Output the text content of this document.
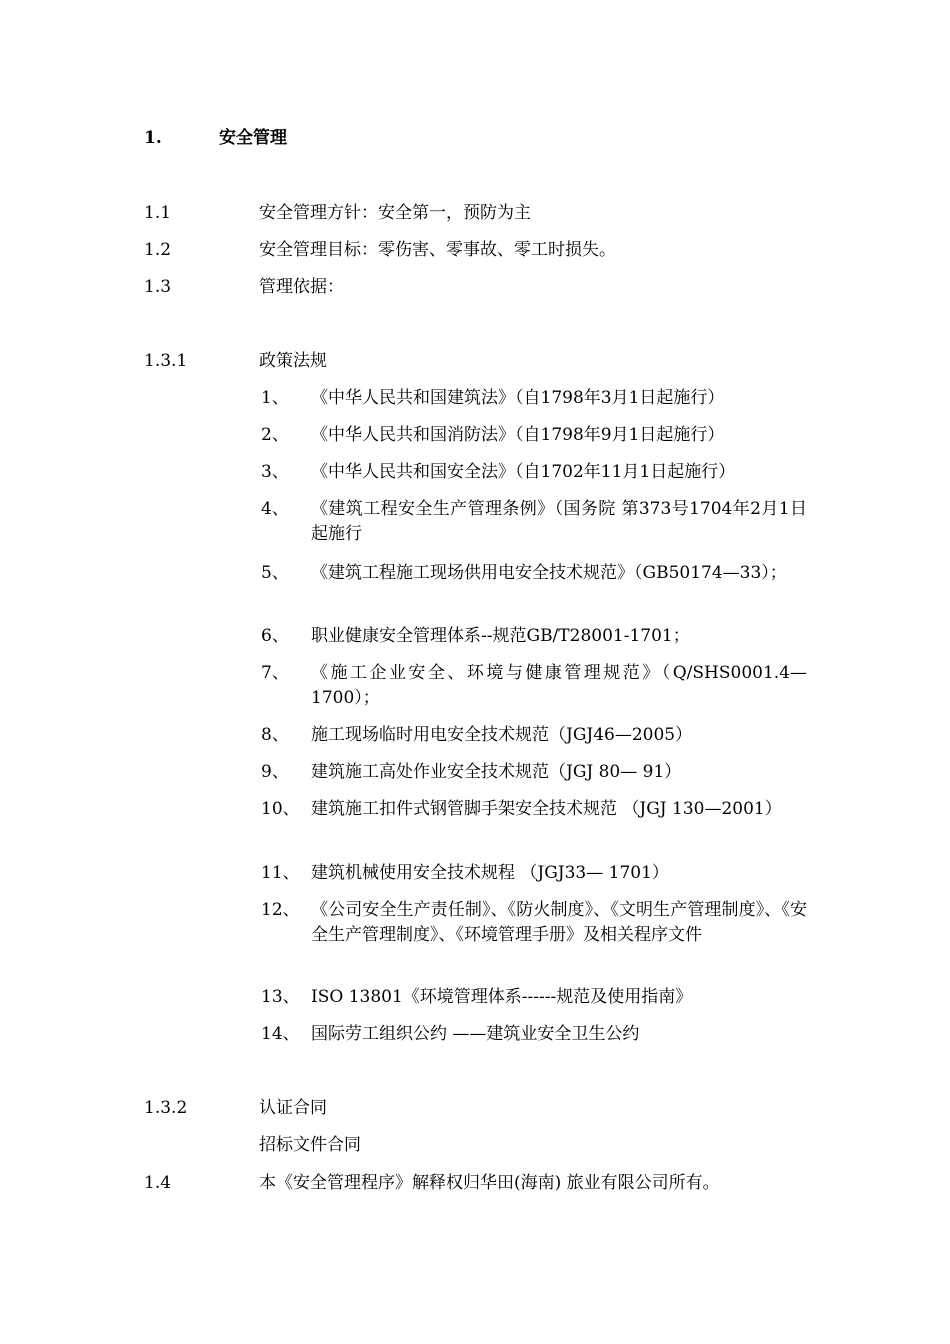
1.	安全管理
1.1	安全管理方针：安全第一，预防为主
1.2	安全管理目标：零伤害、零事故、零工时损失。
1.3	管理依据：
1.3.1	政策法规
1、 《中华人民共和国建筑法》（自1798年3月1日起施行）
2、 《中华人民共和国消防法》（自1798年9月1日起施行）
3、 《中华人民共和国安全法》（自1702年11月1日起施行）
4、 《建筑工程安全生产管理条例》（国务院 第373号1704年2月1日起施行
5、 《建筑工程施工现场供用电安全技术规范》（GB50174—33）；
6、 职业健康安全管理体系--规范GB/T28001-1701；
7、 《施工企业安全、环境与健康管理规范》（Q/SHS0001.4—1700）；
8、 施工现场临时用电安全技术规范（JGJ46—2005）
9、 建筑施工高处作业安全技术规范（JGJ 80— 91）
10、 建筑施工扣件式钢管脚手架安全技术规范 （JGJ 130—2001）
11、 建筑机械使用安全技术规程 （JGJ33— 1701）
12、 《公司安全生产责任制》、《防火制度》、《文明生产管理制度》、《安全生产管理制度》、《环境管理手册》及相关程序文件
13、 ISO 13801《环境管理体系------规范及使用指南》
14、 国际劳工组织公约 ——建筑业安全卫生公约
1.3.2	认证合同
招标文件合同
1.4	本《安全管理程序》解释权归华田(海南) 旅业有限公司所有。
